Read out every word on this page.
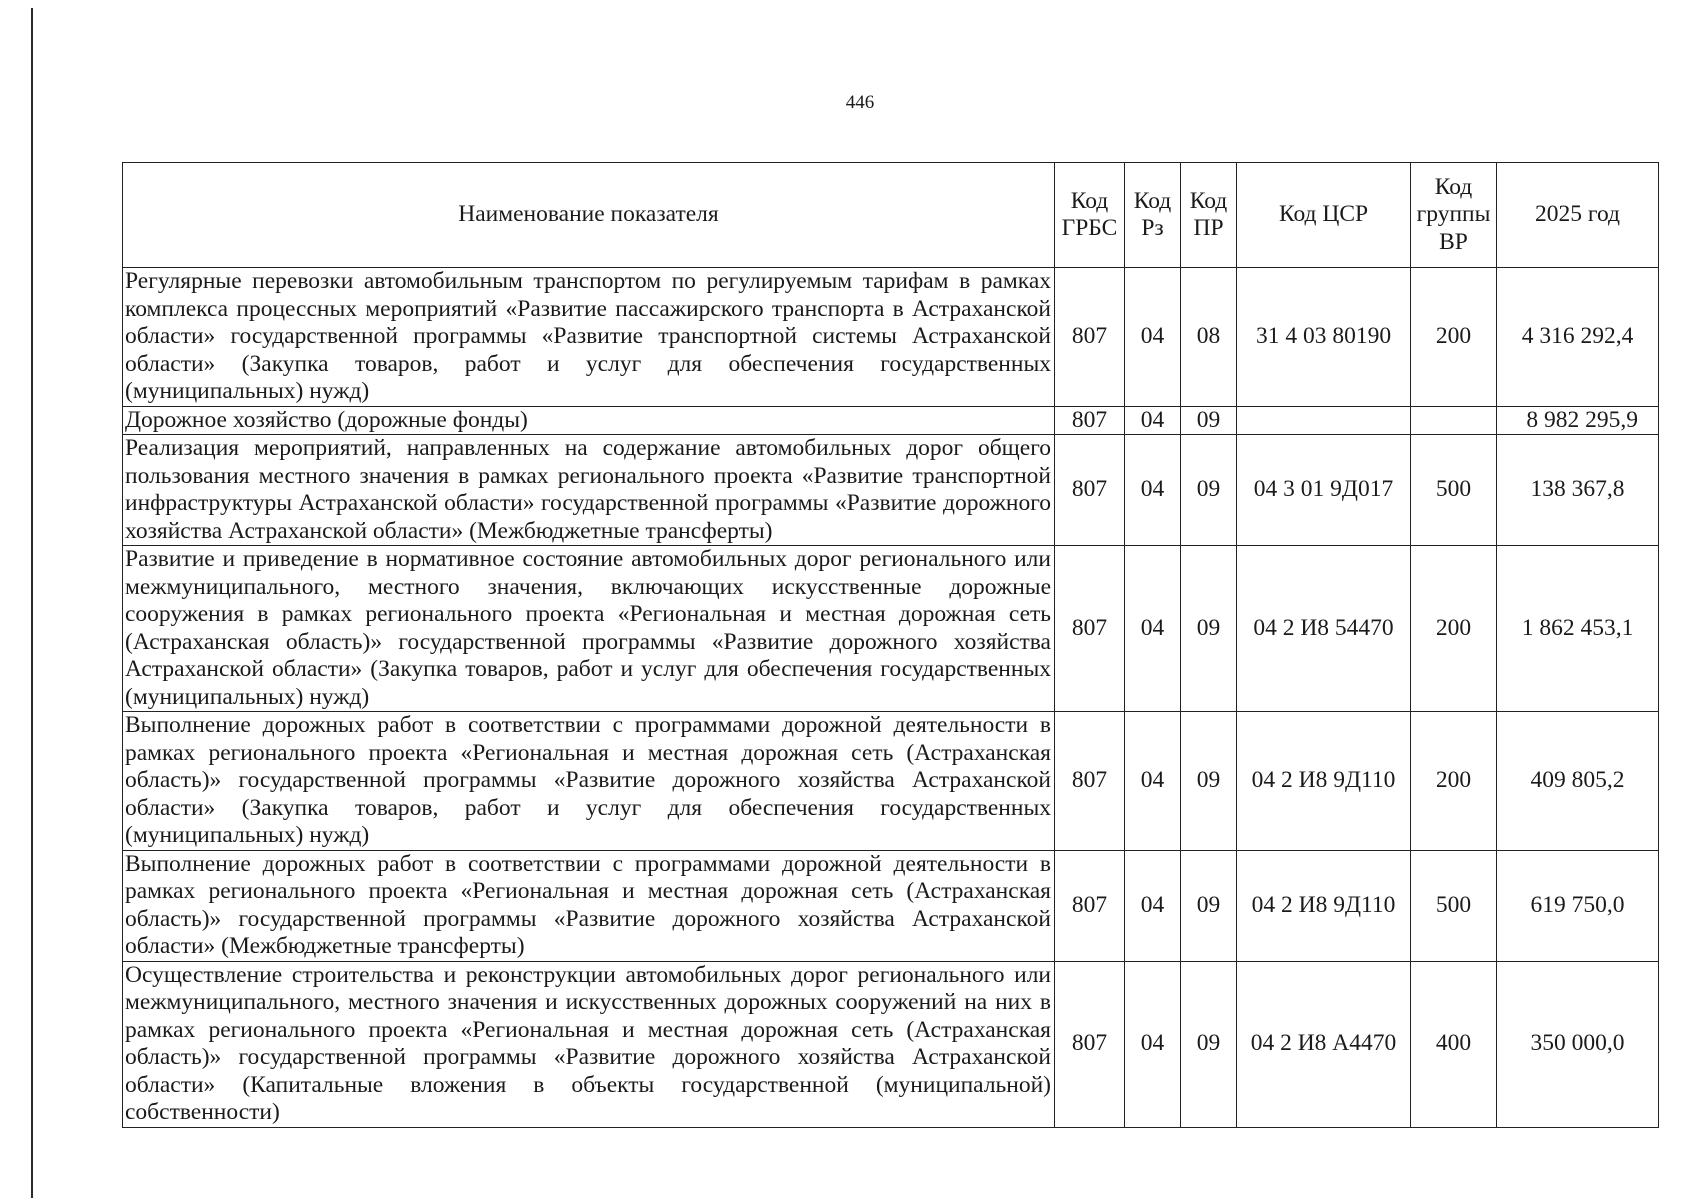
446
Наименование показателя	Код ГРБС	Код Рз	Код ПР	Код ЦСР	Код группы ВР	2025 год
Регулярные перевозки автомобильным транспортом по регулируемым тарифам в рамках комплекса процессных мероприятий «Развитие пассажирского транспорта в Астраханской области» государственной программы «Развитие транспортной системы Астраханской области» (Закупка товаров, работ и услуг для обеспечения государственных (муниципальных) нужд)	807	04	08	31 4 03 80190	200	4 316 292,4
Дорожное хозяйство (дорожные фонды)	807	04	09			8 982 295,9
Реализация мероприятий, направленных на содержание автомобильных дорог общего пользования местного значения в рамках регионального проекта «Развитие транспортной инфраструктуры Астраханской области» государственной программы «Развитие дорожного хозяйства Астраханской области» (Межбюджетные трансферты)	807	04	09	04 3 01 9Д017	500	138 367,8
Развитие и приведение в нормативное состояние автомобильных дорог регионального или межмуниципального, местного значения, включающих искусственные дорожные сооружения в рамках регионального проекта «Региональная и местная дорожная сеть (Астраханская область)» государственной программы «Развитие дорожного хозяйства Астраханской области» (Закупка товаров, работ и услуг для обеспечения государственных (муниципальных) нужд)	807	04	09	04 2 И8 54470	200	1 862 453,1
Выполнение дорожных работ в соответствии с программами дорожной деятельности в рамках регионального проекта «Региональная и местная дорожная сеть (Астраханская область)» государственной программы «Развитие дорожного хозяйства Астраханской области» (Закупка товаров, работ и услуг для обеспечения государственных (муниципальных) нужд)	807	04	09	04 2 И8 9Д110	200	409 805,2
Выполнение дорожных работ в соответствии с программами дорожной деятельности в рамках регионального проекта «Региональная и местная дорожная сеть (Астраханская область)» государственной программы «Развитие дорожного хозяйства Астраханской области» (Межбюджетные трансферты)	807	04	09	04 2 И8 9Д110	500	619 750,0
Осуществление строительства и реконструкции автомобильных дорог регионального или межмуниципального, местного значения и искусственных дорожных сооружений на них в рамках регионального проекта «Региональная и местная дорожная сеть (Астраханская область)» государственной программы «Развитие дорожного хозяйства Астраханской области» (Капитальные вложения в объекты государственной (муниципальной) собственности)	807	04	09	04 2 И8 А4470	400	350 000,0
